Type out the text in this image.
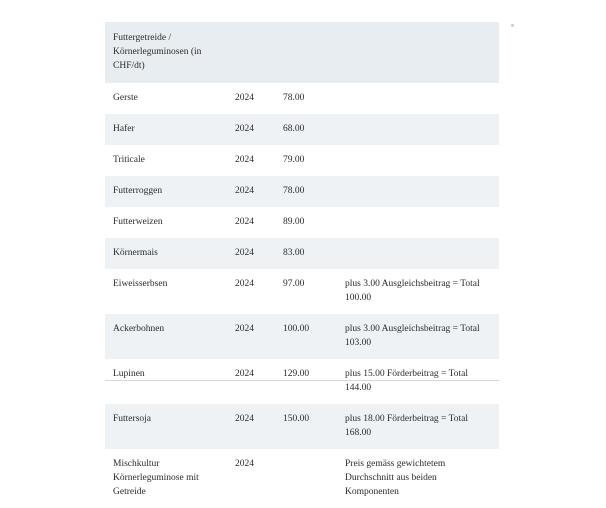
Futtergetreide / Körnerleguminosen (in CHF/dt)			
Gerste	2024	78.00	
Hafer	2024	68.00	
Triticale	2024	79.00	
Futterroggen	2024	78.00	
Futterweizen	2024	89.00	
Körnermais	2024	83.00	
Eiweisserbsen	2024	97.00	plus 3.00 Ausgleichsbeitrag = Total 100.00
Ackerbohnen	2024	100.00	plus 3.00 Ausgleichsbeitrag = Total 103.00
Lupinen	2024	129.00	plus 15.00 Förderbeitrag = Total 144.00
Futtersoja	2024	150.00	plus 18.00 Förderbeitrag = Total 168.00
Mischkultur Körnerleguminose mit Getreide	2024		Preis gemäss gewichtetem Durchschnitt aus beiden Komponenten
